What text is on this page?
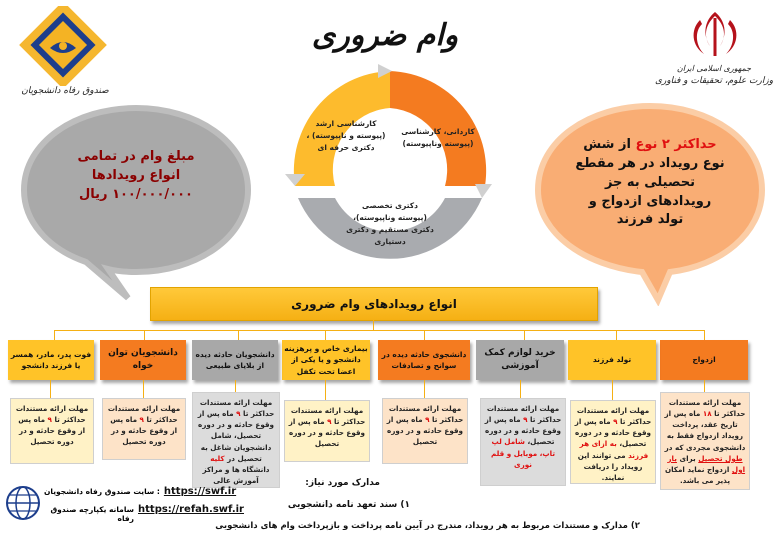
وام ضروری
صندوق رفاه دانشجویان
جمهوری اسلامی ایران
وزارت علوم، تحقیقات و فناوری
کاردانی، کارشناسی
(پیوسته وناپیوسته)
کارشناسی ارشد
(پیوسته و ناپیوسته) ،
دکتری حرفه ای
دکتری تخصصی
(پیوسته وناپیوسته)،
دکتری مستقیم و دکتری
دستیاری
مبلغ وام در تمامی
انواع رویدادها
۱۰۰/۰۰۰/۰۰۰ ریال
حداکثر ۲ نوع از شش
نوع رویداد در هر مقطع
تحصیلی به جز
رویدادهای ازدواج و
تولد فرزند
انواع رویدادهای وام ضروری
ازدواج
تولد فرزند
خرید لوازم کمک آموزشی
دانشجوی حادثه دیده در سوانح و تصادفات
بیماری خاص و پرهزینه دانشجو و یا یکی از اعضا تحت تکفل
دانشجویان حادثه دیده از بلایای طبیعی
دانشجویان توان خواه
فوت پدر، مادر، همسر یا فرزند دانشجو
مهلت ارائه مستندات حداکثر تا ۱۸ ماه پس از تاریخ عقد، پرداخت رویداد ازدواج فقط به دانشجوی مجردی که در طول تحصیل برای بار اول ازدواج نماید امکان پذیر می باشد.
مهلت ارائه مستندات حداکثر تا ۹ ماه پس از وقوع حادثه و در دوره تحصیل، به ازای هر فرزند می توانند این رویداد را دریافت نمایند.
مهلت ارائه مستندات حداکثر تا ۹ ماه پس از وقوع حادثه و در دوره تحصیل، شامل لپ تاپ، موبایل و قلم نوری
مهلت ارائه مستندات حداکثر تا ۹ ماه پس از وقوع حادثه و در دوره تحصیل
مهلت ارائه مستندات حداکثر تا ۹ ماه پس از وقوع حادثه و در دوره تحصیل
مهلت ارائه مستندات حداکثر تا ۹ ماه پس از وقوع حادثه و در دوره تحصیل، شامل دانشجویان شاغل به تحصیل در کلیه دانشگاه ها و مراکز آموزش عالی
مهلت ارائه مستندات حداکثر تا ۹ ماه پس از وقوع حادثه و در دوره تحصیل
مهلت ارائه مستندات حداکثر تا ۹ ماه پس از وقوع حادثه و در دوره تحصیل
مدارک مورد نیاز:
۱) سند تعهد نامه دانشجویی
۲) مدارک و مستندات مربوط به هر رویداد، مندرج در آیین نامه پرداخت و بازپرداخت وام های دانشجویی
: سایت صندوق رفاه دانشجویان https://swf.ir
سامانه یکپارچه صندوق رفاه
https://refah.swf.ir
